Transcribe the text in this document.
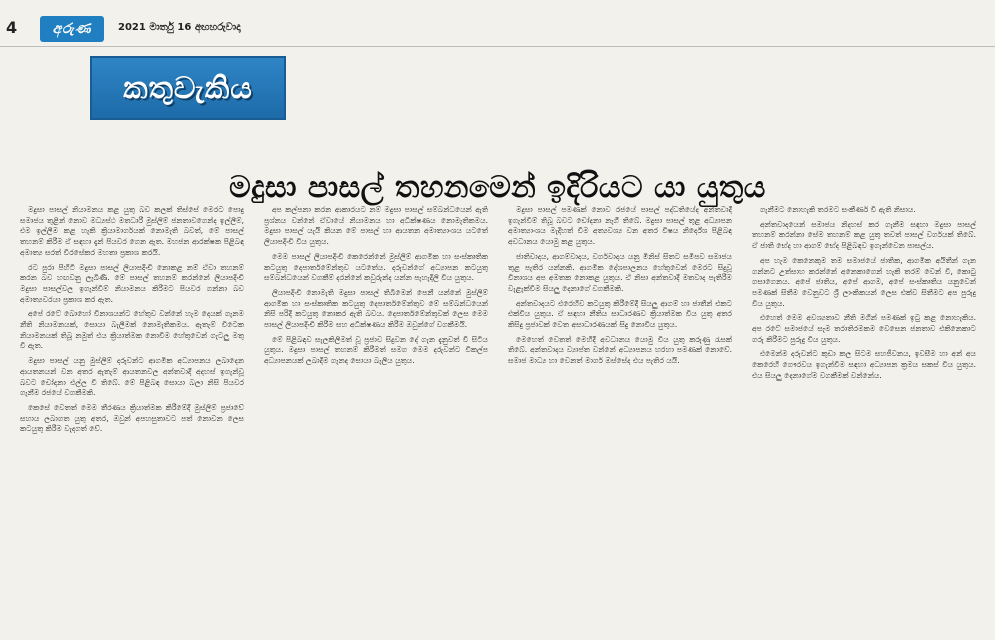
4	අරුණ	2021 මාර්තු 16 අඟහරුවාදා
කතුවැකිය
මදුසා පාසල් තහනමෙන් ඉදිරියට යා යුතුය

මදුසා පාසල් නියාමනය කළ යුතු බව කලක් තිස්සේ මෙරට පොදු සමාජය තුළින් නොව මධ්‍යස්ථ මතධාරී මුස්ලිම් ජනතාවගෙන්ද ඉල්ලීම්, එම ඉල්ලීම කළ හැකි ක්‍රියාමාර්ගයක් නොමැති බවත්, මේ පාසල් තහනම් කිරීම ඒ සඳහා දැන් පියවර ගෙන ඇත. මහජන ආරක්ෂක පිළිබඳ අමාත්‍ය සරත් වීරසේකර මහතා ප්‍රකාශ කරයි.

රට පුරා පිහිටි මදුසා පාසල් ලියාපදිංචි නොකළ නම් ඒවා තහනම් කරන බව හඟවනු ලැබිණි. මේ පාසල් තහනම් කරන්නේ ලියාපදිංචි මදුසා පාසල්වල ඉගැන්වීම් නියාමනය කිරීමට පියවර ගන්නා බව අමාත්‍යවරයා ප්‍රකාශ කර ඇත.

අපේ රටේ බොහෝ විනාශයන්ට හේතුව වන්නේ හැම දෙයක් ගැනම නීති නියාමනයක්, සොයා බැලීමක් නොමැතිකමය. ඇතැම් විටෙක නියාමනයක් තිබූ නමුත් එය ක්‍රියාත්මක නොවීම හේතුවෙන් ගැටලු මතු වී ඇත.

මදුසා පාසල් යනු මුස්ලිම් දරුවන්ට ආගමික අධ්‍යාපනය ලබාදෙන ආයතනයන් වන අතර ඇතැම් ආයතනවල අන්තවාදී අදහස් ඉගැන්වූ බවට චෝදනා එල්ල වී තිබේ. මේ පිළිබඳ සොයා බලා නිසි පියවර ගැනීම රජයේ වගකීමකි.

කෙසේ වෙතත් මෙම තීරණය ක්‍රියාත්මක කිරීමේදී මුස්ලිම් ප්‍රජාවේ සහාය ලබාගත යුතු අතර, ඔවුන් අපහසුතාවට පත් නොවන ලෙස කටයුතු කිරීම වැදගත් වේ.

අප කල්පනා කරන ආකාරයට නම් මදුසා පාසල් සම්බන්ධයෙන් ඇති ප්‍රශ්නය වන්නේ ඒවායේ නියාමනය හා අධීක්ෂණය නොමැතිකමය. මදුසා පාසල් යැයි කියන මේ පාසල් හා ආයතන අමාත්‍යාංශය යටතේ ලියාපදිංචි විය යුතුය.

මෙම පාසල් ලියාපදිංචි කෙරෙන්නේ මුස්ලිම් ආගමික හා සංස්කෘතික කටයුතු දෙපාර්තමේන්තුව යටතේය. දරුවන්ගේ අධ්‍යාපන කටයුතු සම්බන්ධයෙන් වගකීම් දරන්නේ කවුරුන්ද යන්න පැහැදිලි විය යුතුය.

ලියාපදිංචි නොමැති මදුසා පාසල් තිබීමෙන් පෙනී යන්නේ මුස්ලිම් ආගමික හා සංස්කෘතික කටයුතු දෙපාර්තමේන්තුව මේ සම්බන්ධයෙන් නිසි පරිදි කටයුතු නොකර ඇති බවය. දෙපාර්තමේන්තුවක් ලෙස මෙම පාසල් ලියාපදිංචි කිරීම සහ අධීක්ෂණය කිරීම ඔවුන්ගේ වගකීමයි.

මේ පිළිබඳව සැලකිලිමත් වූ ප්‍රජාව සිදුවන දේ ගැන දැනුවත් වී සිටිය යුතුය. මදුසා පාසල් තහනම් කිරීමත් සමග මෙම දරුවන්ට විකල්ප අධ්‍යාපනයක් ලබාදීම ගැනද සොයා බැලිය යුතුය.

මදුසා පාසල් පමණක් නොව රජයේ පාසල් පද්ධතියේද අන්තවාදී ඉගැන්වීම් තිබූ බවට චෝදනා නැගී තිබේ. මදුසා පාසල් තුළ අධ්‍යාපන අමාත්‍යාංශය මැදිහත් වීම අත්‍යවශ්‍ය වන අතර විෂය නිර්දේශ පිළිබඳ අවධානය යොමු කළ යුතුය.

ජාතිවාදය, ආගම්වාදය, වර්ගවාදය යනු මිනිස් සිතට සමීපව සමාජය තුළ පැතිර යන්නකි. ආගමික දේශපාලනය හේතුවෙන් මෙරට සිදුවූ විනාශය අප අමතක නොකළ යුතුය. ඒ නිසා අන්තවාදී මතවාද පැතිරීම වැළැක්වීම සියලු දෙනාගේ වගකීමකි.

අන්තවාදයට එරෙහිව කටයුතු කිරීමේදී සියලු ආගම් හා ජාතීන් එකට එක්විය යුතුය. ඒ සඳහා නීතිය සාධාරණව ක්‍රියාත්මක විය යුතු අතර කිසිදු ප්‍රජාවක් වෙත අසාධාරණයක් සිදු නොවිය යුතුය.

මෙහෙත් වෙතත් මෙහිදී අවධානය යොමු විය යුතු කරුණු රැසක් තිබේ. අන්තවාදය ව්‍යාප්ත වන්නේ අධ්‍යාපනය හරහා පමණක් නොවේ. සමාජ මාධ්‍ය හා වෙනත් මාර්ග ඔස්සේද එය පැතිර යයි.

ගැනීමට නොහැකි තරමට සංකීර්ණ වී ඇති නිසාය.

අන්තවාදයෙන් සමාජය නිදහස් කර ගැනීම සඳහා මදුසා පාසල් තහනම් කරන්නා සේම තහනම් කළ යුතු තවත් පාසල් වර්ගයක් තිබේ. ඒ ජාති භේද හා ආගම් භේද පිළිබඳව ඉගැන්වෙන පාසල්ය.

අප හැම කෙනෙකුම තම සමාජයේ ජාතික, ආගමික අයිතීන් ගැන ගන්නට උත්සාහ කරන්නේ අනෙකාගෙන් හැකි තරම් වෙන් වී, කොටු ගසාගෙනය. අපේ ජාතිය, අපේ ආගම, අපේ සංස්කෘතිය යනුවෙන් පමණක් සිතීම වෙනුවට ශ්‍රී ලාංකිකයන් ලෙස එක්ව සිතීමට අප පුරුදු විය යුතුය.

එහෙත් මෙම අවශ්‍යතාව නීති මගින් පමණක් ඉටු කළ නොහැකිය. අප රටේ සමාජයේ සෑම තරාතිරමකම වෙසෙන ජනතාව එකිනෙකාට ගරු කිරීමට පුරුදු විය යුතුය.

එමෙන්ම දරුවන්ට කුඩා කල සිටම සහජීවනය, ඉවසීම හා අන් අය කෙරෙහි ගෞරවය ඉගැන්වීම සඳහා අධ්‍යාපන ක්‍රමය සකස් විය යුතුය. එය සියලු දෙනාගේම වගකීමක් වන්නේය.
